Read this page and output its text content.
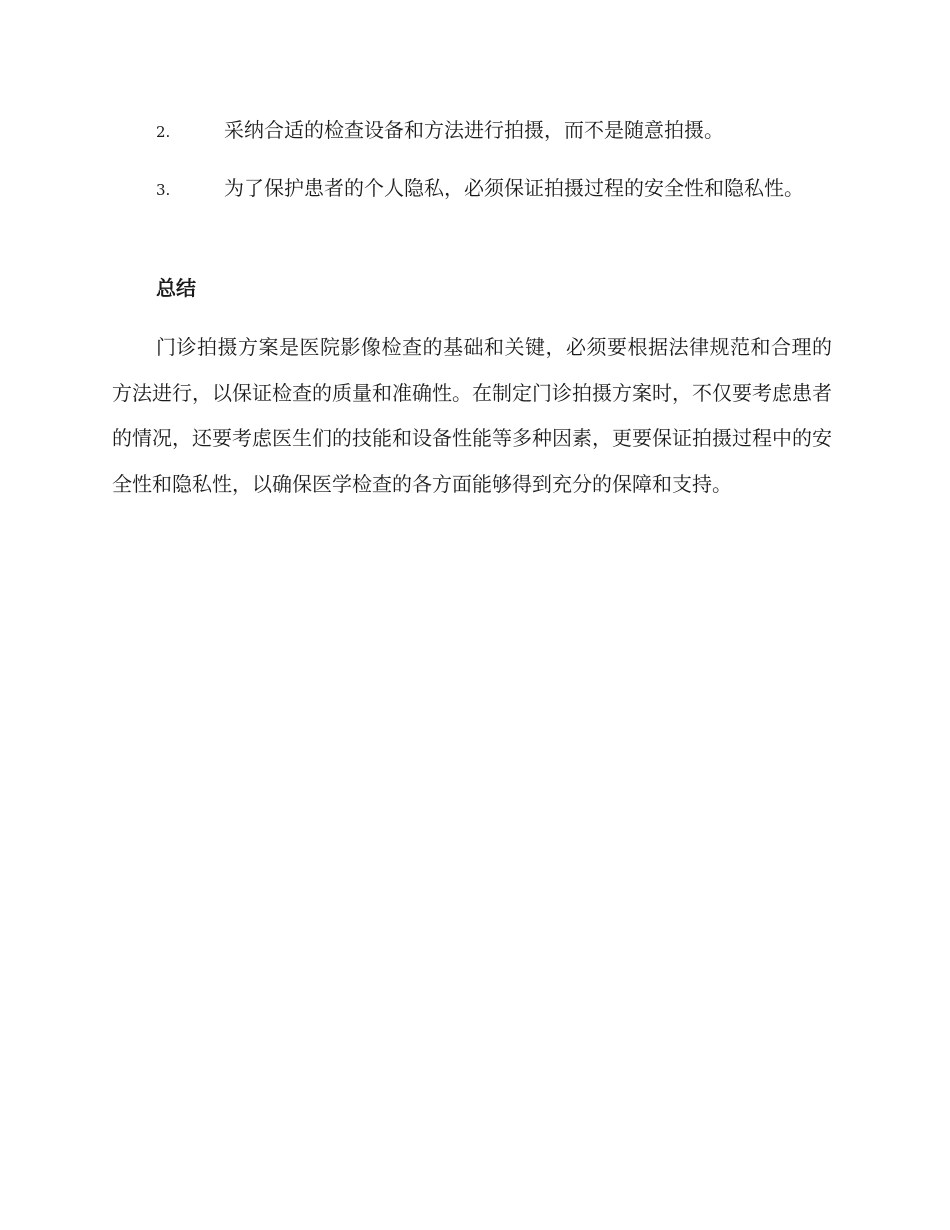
2.	采纳合适的检查设备和方法进行拍摄，而不是随意拍摄。

3.	为了保护患者的个人隐私，必须保证拍摄过程的安全性和隐私性。

总结

门诊拍摄方案是医院影像检查的基础和关键，必须要根据法律规范和合理的方法进行，以保证检查的质量和准确性。在制定门诊拍摄方案时，不仅要考虑患者的情况，还要考虑医生们的技能和设备性能等多种因素，更要保证拍摄过程中的安全性和隐私性，以确保医学检查的各方面能够得到充分的保障和支持。
